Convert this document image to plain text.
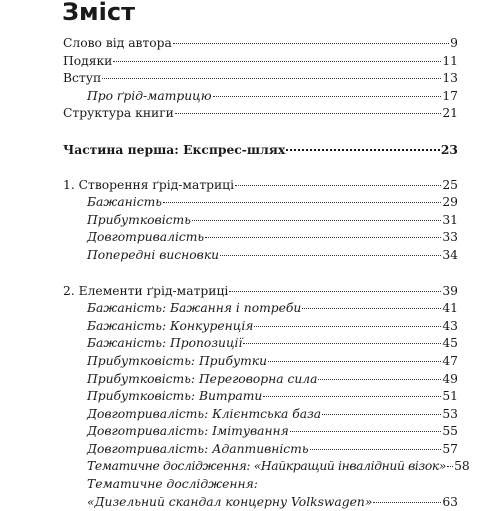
Зміст
Слово від автора	9
Подяки	11
Вступ	13
Про ґрід-матрицю	17
Структура книги	21
Частина перша: Експрес-шлях	23
1. Створення ґрід-матриці	25
Бажаність	29
Прибутковість	31
Довготривалість	33
Попередні висновки	34
2. Елементи ґрід-матриці	39
Бажаність: Бажання і потреби	41
Бажаність: Конкуренція	43
Бажаність: Пропозиції	45
Прибутковість: Прибутки	47
Прибутковість: Переговорна сила	49
Прибутковість: Витрати	51
Довготривалість: Клієнтська база	53
Довготривалість: Імітування	55
Довготривалість: Адаптивність	57
Тематичне дослідження: «Найкращий інвалідний візок» 58
Тематичне дослідження:
«Дизельний скандал концерну Volkswagen»	63
